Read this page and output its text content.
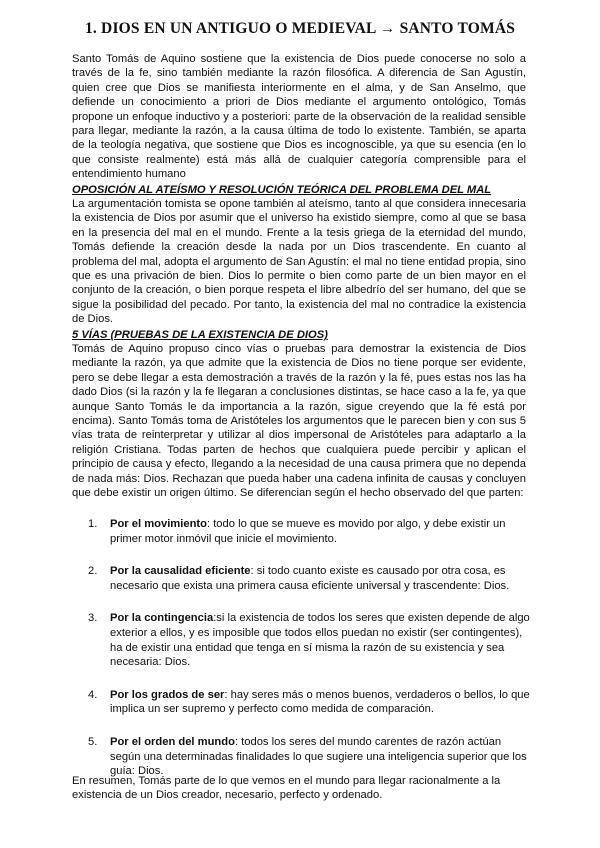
1. DIOS EN UN ANTIGUO O MEDIEVAL → SANTO TOMÁS

Santo Tomás de Aquino sostiene que la existencia de Dios puede conocerse no solo a través de la fe, sino también mediante la razón filosófica. A diferencia de San Agustín, quien cree que Dios se manifiesta interiormente en el alma, y de San Anselmo, que defiende un conocimiento a priori de Dios mediante el argumento ontológico, Tomás propone un enfoque inductivo y a posteriori: parte de la observación de la realidad sensible para llegar, mediante la razón, a la causa última de todo lo existente. También, se aparta de la teología negativa, que sostiene que Dios es incognoscible, ya que su esencia (en lo que consiste realmente) está más allá de cualquier categoría comprensible para el entendimiento humano

OPOSICIÓN AL ATEÍSMO Y RESOLUCIÓN TEÓRICA DEL PROBLEMA DEL MAL

La argumentación tomista se opone también al ateísmo, tanto al que considera innecesaria la existencia de Dios por asumir que el universo ha existido siempre, como al que se basa en la presencia del mal en el mundo. Frente a la tesis griega de la eternidad del mundo, Tomás defiende la creación desde la nada por un Dios trascendente. En cuanto al problema del mal, adopta el argumento de San Agustín: el mal no tiene entidad propia, sino que es una privación de bien. Dios lo permite o bien como parte de un bien mayor en el conjunto de la creación, o bien porque respeta el libre albedrío del ser humano, del que se sigue la posibilidad del pecado. Por tanto, la existencia del mal no contradice la existencia de Dios.

5 VÍAS (PRUEBAS DE LA EXISTENCIA DE DIOS)

Tomás de Aquino propuso cinco vías o pruebas para demostrar la existencia de Dios mediante la razón, ya que admite que la existencia de Dios no tiene porque ser evidente, pero se debe llegar a esta demostración a través de la razón y la fé, pues estas nos las ha dado Dios (si la razón y la fe llegaran a conclusiones distintas, se hace caso a la fe, ya que aunque Santo Tomás le da importancia a la razón, sigue creyendo que la fé está por encima). Santo Tomás toma de Aristóteles los argumentos que le parecen bien y con sus 5 vías trata de reinterpretar y utilizar al dios impersonal de Aristóteles para adaptarlo a la religión Cristiana. Todas parten de hechos que cualquiera puede percibir y aplican el principio de causa y efecto, llegando a la necesidad de una causa primera que no dependa de nada más: Dios. Rechazan que pueda haber una cadena infinita de causas y concluyen que debe existir un origen último. Se diferencian según el hecho observado del que parten:

1. Por el movimiento: todo lo que se mueve es movido por algo, y debe existir un primer motor inmóvil que inicie el movimiento.
2. Por la causalidad eficiente: si todo cuanto existe es causado por otra cosa, es necesario que exista una primera causa eficiente universal y trascendente: Dios.
3. Por la contingencia:si la existencia de todos los seres que existen depende de algo exterior a ellos, y es imposible que todos ellos puedan no existir (ser contingentes), ha de existir una entidad que tenga en sí misma la razón de su existencia y sea necesaria: Dios.
4. Por los grados de ser: hay seres más o menos buenos, verdaderos o bellos, lo que implica un ser supremo y perfecto como medida de comparación.
5. Por el orden del mundo: todos los seres del mundo carentes de razón actúan según una determinadas finalidades lo que sugiere una inteligencia superior que los guía: Dios.

En resumen, Tomás parte de lo que vemos en el mundo para llegar racionalmente a la existencia de un Dios creador, necesario, perfecto y ordenado.
